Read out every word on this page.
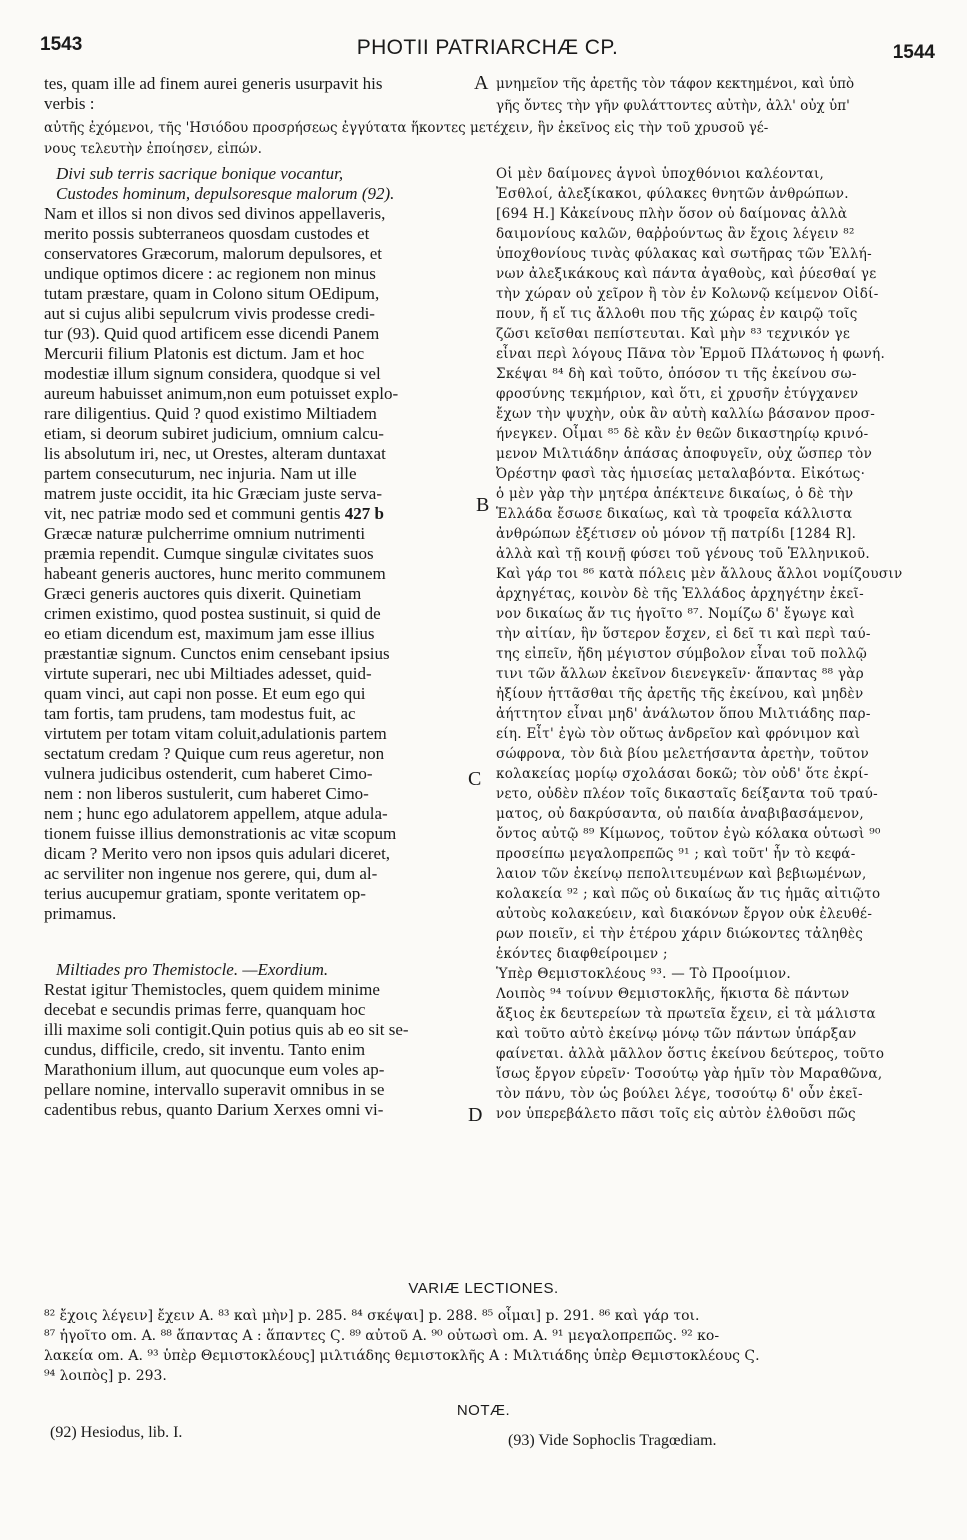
1543	PHOTII PATRIARCHÆ CP.	1544
tes, quam ille ad finem aurei generis usurpavit his	A μνημεῖον τῆς ἀρετῆς τὸν τάφον κεκτημένοι, καὶ ὑπὸ
verbis :	γῆς ὄντες τὴν γῆν φυλάττοντες αὐτὴν, ἀλλ' οὐχ ὑπ'
αὐτῆς ἐχόμενοι, τῆς 'Ησιόδου προσρήσεως ἐγγύτατα ἥκοντες μετέχειν, ἣν ἐκεῖνος εἰς τὴν τοῦ χρυσοῦ γέ-
νους τελευτὴν ἐποίησεν, εἰπών.
Divi sub terris sacrique bonique vocantur,
Custodes hominum, depulsoresque malorum (92).
Nam et illos si non divos sed divinos appellaveris,
merito possis subterraneos quosdam custodes et
conservatores Græcorum, malorum depulsores, et
undique optimos dicere : ac regionem non minus
tutam præstare, quam in Colono situm OEdipum,
aut si cujus alibi sepulcrum vivis prodesse credi-
tur (93). Quid quod artificem esse dicendi Panem
Mercurii filium Platonis est dictum. Jam et hoc
modestiæ illum signum considera, quodque si vel
aureum habuisset animum,non eum potuisset explo-
rare diligentius. Quid ? quod existimo Miltiadem
etiam, si deorum subiret judicium, omnium calcu-
lis absolutum iri, nec, ut Orestes, alteram duntaxat
partem consecuturum, nec injuria. Nam ut ille
matrem juste occidit, ita hic Græciam juste serva-
vit, nec patriæ modo sed et communi gentis 427 b
Græcæ naturæ pulcherrime omnium nutrimenti
præmia rependit. Cumque singulæ civitates suos
habeant generis auctores, hunc merito communem
Græci generis auctores quis dixerit. Quinetiam
crimen existimo, quod postea sustinuit, si quid de
eo etiam dicendum est, maximum jam esse illius
præstantiæ signum. Cunctos enim censebant ipsius
virtute superari, nec ubi Miltiades adesset, quid-
quam vinci, aut capi non posse. Et eum ego qui
tam fortis, tam prudens, tam modestus fuit, ac
virtutem per totam vitam coluit,adulationis partem
sectatum credam ? Quique cum reus ageretur, non
vulnera judicibus ostenderit, cum haberet Cimo-
nem : non liberos sustulerit, cum haberet Cimo-
nem ; hunc ego adulatorem appellem, atque adula-
tionem fuisse illius demonstrationis ac vitæ scopum
dicam ? Merito vero non ipsos quis adulari diceret,
ac serviliter non ingenue nos gerere, qui, dum al-
terius aucupemur gratiam, sponte veritatem op-
primamus.
Miltiades pro Themistocle. —Exordium.
Restat igitur Themistocles, quem quidem minime
decebat e secundis primas ferre, quanquam hoc
illi maxime soli contigit.Quin potius quis ab eo sit se-
cundus, difficile, credo, sit inventu. Tanto enim
Marathonium illum, aut quocunque eum voles ap-
pellare nomine, intervallo superavit omnibus in se
cadentibus rebus, quanto Darium Xerxes omni vi-
B
C
D
Οἱ μὲν δαίμονες ἁγνοὶ ὑποχθόνιοι καλέονται,
Ἐσθλοί, ἀλεξίκακοι, φύλακες θνητῶν ἀνθρώπων.
[694 H.] Κἀκείνους πλὴν ὅσον οὐ δαίμονας ἀλλὰ
δαιμονίους καλῶν, θαῤῥούντως ἂν ἔχοις λέγειν ⁸²
ὑποχθονίους τινὰς φύλακας καὶ σωτῆρας τῶν Ἑλλή-
νων ἀλεξικάκους καὶ πάντα ἀγαθοὺς, καὶ ῥύεσθαί γε
τὴν χώραν οὐ χεῖρον ἢ τὸν ἐν Κολωνῷ κείμενον Οἰδί-
πουν, ἤ εἴ τις ἄλλοθι που τῆς χώρας ἐν καιρῷ τοῖς
ζῶσι κεῖσθαι πεπίστευται. Καὶ μὴν ⁸³ τεχνικόν γε
εἶναι περὶ λόγους Πᾶνα τὸν Ἑρμοῦ Πλάτωνος ἡ φωνή.
Σκέψαι ⁸⁴ δὴ καὶ τοῦτο, ὁπόσον τι τῆς ἐκείνου σω-
φροσύνης τεκμήριον, καὶ ὅτι, εἰ χρυσῆν ἐτύγχανεν
ἔχων τὴν ψυχὴν, οὐκ ἂν αὐτὴ καλλίω βάσανον προσ-
ήνεγκεν. Οἶμαι ⁸⁵ δὲ κἂν ἐν θεῶν δικαστηρίῳ κρινό-
μενον Μιλτιάδην ἁπάσας ἀποφυγεῖν, οὐχ ὥσπερ τὸν
Ὀρέστην φασὶ τὰς ἡμισείας μεταλαβόντα. Εἰκότως·
ὁ μὲν γὰρ τὴν μητέρα ἀπέκτεινε δικαίως, ὁ δὲ τὴν
Ἑλλάδα ἔσωσε δικαίως, καὶ τὰ τροφεῖα κάλλιστα
ἀνθρώπων ἐξέτισεν οὐ μόνον τῇ πατρίδι [1284 R].
ἀλλὰ καὶ τῇ κοινῇ φύσει τοῦ γένους τοῦ Ἑλληνικοῦ.
Καὶ γάρ τοι ⁸⁶ κατὰ πόλεις μὲν ἄλλους ἄλλοι νομίζουσιν
ἀρχηγέτας, κοινὸν δὲ τῆς Ἑλλάδος ἀρχηγέτην ἐκεῖ-
νον δικαίως ἄν τις ἡγοῖτο ⁸⁷. Νομίζω δ' ἔγωγε καὶ
τὴν αἰτίαν, ἣν ὕστερον ἔσχεν, εἰ δεῖ τι καὶ περὶ ταύ-
της εἰπεῖν, ἤδη μέγιστον σύμβολον εἶναι τοῦ πολλῷ
τινι τῶν ἄλλων ἐκεῖνον διενεγκεῖν· ἅπαντας ⁸⁸ γὰρ
ἠξίουν ἡττᾶσθαι τῆς ἀρετῆς τῆς ἐκείνου, καὶ μηδὲν
ἀήττητον εἶναι μηδ' ἀνάλωτον ὅπου Μιλτιάδης παρ-
είη. Εἶτ' ἐγὼ τὸν οὕτως ἀνδρεῖον καὶ φρόνιμον καὶ
σώφρονα, τὸν διὰ βίου μελετήσαντα ἀρετὴν, τοῦτον
κολακείας μορίῳ σχολάσαι δοκῶ; τὸν οὐδ' ὅτε ἐκρί-
νετο, οὐδὲν πλέον τοῖς δικασταῖς δείξαντα τοῦ τραύ-
ματος, οὐ δακρύσαντα, οὐ παιδία ἀναβιβασάμενον,
ὄντος αὐτῷ ⁸⁹ Κίμωνος, τοῦτον ἐγὼ κόλακα οὑτωσὶ ⁹⁰
προσείπω μεγαλοπρεπῶς ⁹¹ ; καὶ τοῦτ' ἦν τὸ κεφά-
λαιον τῶν ἐκείνῳ πεπολιτευμένων καὶ βεβιωμένων,
κολακεία ⁹² ; καὶ πῶς οὐ δικαίως ἄν τις ἡμᾶς αἰτιῷτο
αὐτοὺς κολακεύειν, καὶ διακόνων ἔργον οὐκ ἐλευθέ-
ρων ποιεῖν, εἰ τὴν ἑτέρου χάριν διώκοντες τἀληθὲς
ἑκόντες διαφθείροιμεν ;
Ὑπὲρ Θεμιστοκλέους ⁹³. — Τὸ Προοίμιον.
Λοιπὸς ⁹⁴ τοίνυν Θεμιστοκλῆς, ἥκιστα δὲ πάντων
ἄξιος ἐκ δευτερείων τὰ πρωτεῖα ἔχειν, εἰ τὰ μάλιστα
καὶ τοῦτο αὐτὸ ἐκείνῳ μόνῳ τῶν πάντων ὑπάρξαν
φαίνεται. ἀλλὰ μᾶλλον ὅστις ἐκείνου δεύτερος, τοῦτο
ἴσως ἔργον εὑρεῖν· Τοσούτῳ γὰρ ἡμῖν τὸν Μαραθῶνα,
τὸν πάνυ, τὸν ὡς βούλει λέγε, τοσούτῳ δ' οὖν ἐκεῖ-
νον ὑπερεβάλετο πᾶσι τοῖς εἰς αὐτὸν ἐλθοῦσι πῶς
VARIÆ LECTIONES.
⁸² ἔχοις λέγειν] ἔχειν A. ⁸³ καὶ μὴν] p. 285. ⁸⁴ σκέψαι] p. 288. ⁸⁵ οἶμαι] p. 291. ⁸⁶ καὶ γάρ τοι.
⁸⁷ ἡγοῖτο om. A. ⁸⁸ ἅπαντας A : ἅπαντες Ϛ. ⁸⁹ αὐτοῦ A. ⁹⁰ οὑτωσὶ om. A. ⁹¹ μεγαλοπρεπῶς. ⁹² κο-
λακεία om. A. ⁹³ ὑπὲρ Θεμιστοκλέους] μιλτιάδης θεμιστοκλῆς A : Μιλτιάδης ὑπὲρ Θεμιστοκλέους Ϛ.
⁹⁴ λοιπὸς] p. 293.
NOTÆ.
(92) Hesiodus, lib. I.	(93) Vide Sophoclis Tragœdiam.
